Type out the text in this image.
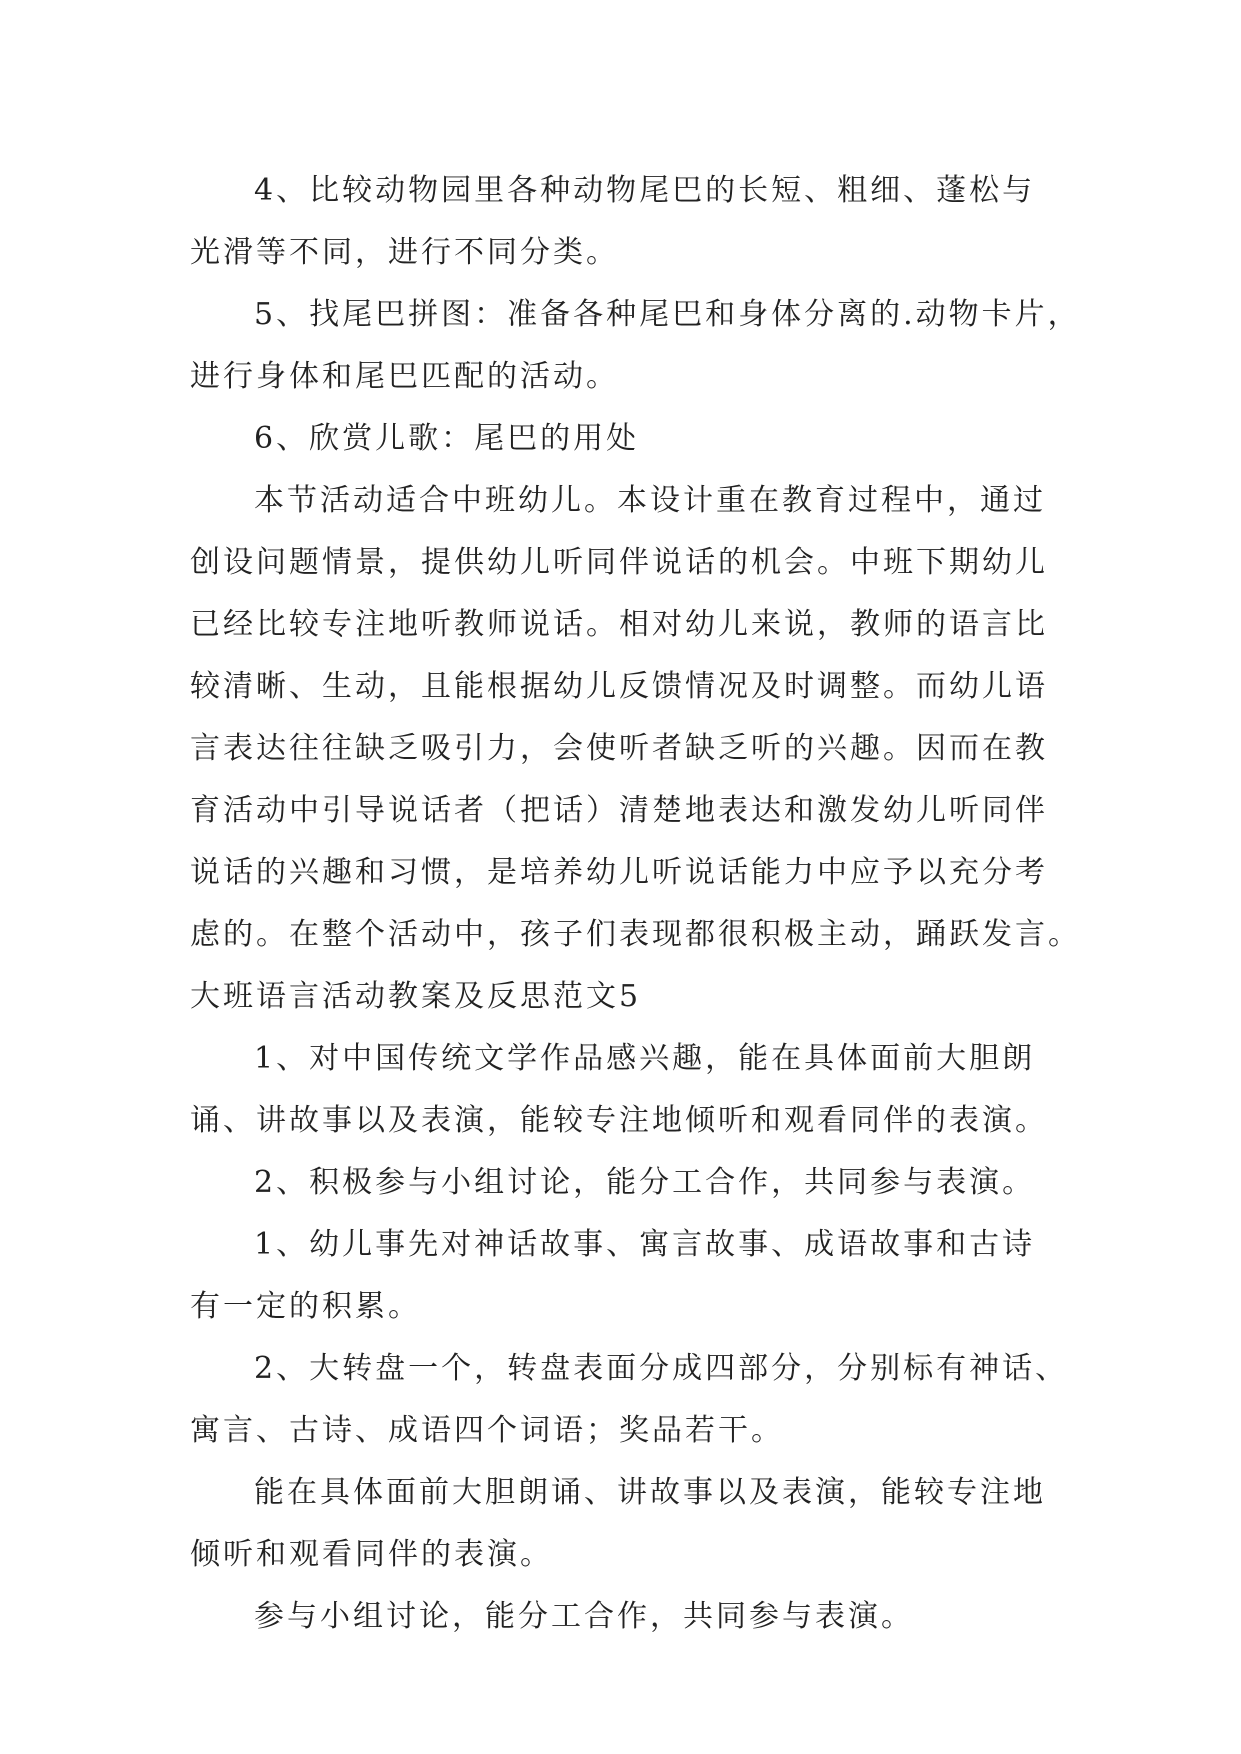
4、比较动物园里各种动物尾巴的长短、粗细、蓬松与
光滑等不同，进行不同分类。
5、找尾巴拼图：准备各种尾巴和身体分离的.动物卡片，
进行身体和尾巴匹配的活动。
6、欣赏儿歌：尾巴的用处
本节活动适合中班幼儿。本设计重在教育过程中，通过
创设问题情景，提供幼儿听同伴说话的机会。中班下期幼儿
已经比较专注地听教师说话。相对幼儿来说，教师的语言比
较清晰、生动，且能根据幼儿反馈情况及时调整。而幼儿语
言表达往往缺乏吸引力，会使听者缺乏听的兴趣。因而在教
育活动中引导说话者（把话）清楚地表达和激发幼儿听同伴
说话的兴趣和习惯，是培养幼儿听说话能力中应予以充分考
虑的。在整个活动中，孩子们表现都很积极主动，踊跃发言。
大班语言活动教案及反思范文5
1、对中国传统文学作品感兴趣，能在具体面前大胆朗
诵、讲故事以及表演，能较专注地倾听和观看同伴的表演。
2、积极参与小组讨论，能分工合作，共同参与表演。
1、幼儿事先对神话故事、寓言故事、成语故事和古诗
有一定的积累。
2、大转盘一个，转盘表面分成四部分，分别标有神话、
寓言、古诗、成语四个词语；奖品若干。
能在具体面前大胆朗诵、讲故事以及表演，能较专注地
倾听和观看同伴的表演。
参与小组讨论，能分工合作，共同参与表演。
